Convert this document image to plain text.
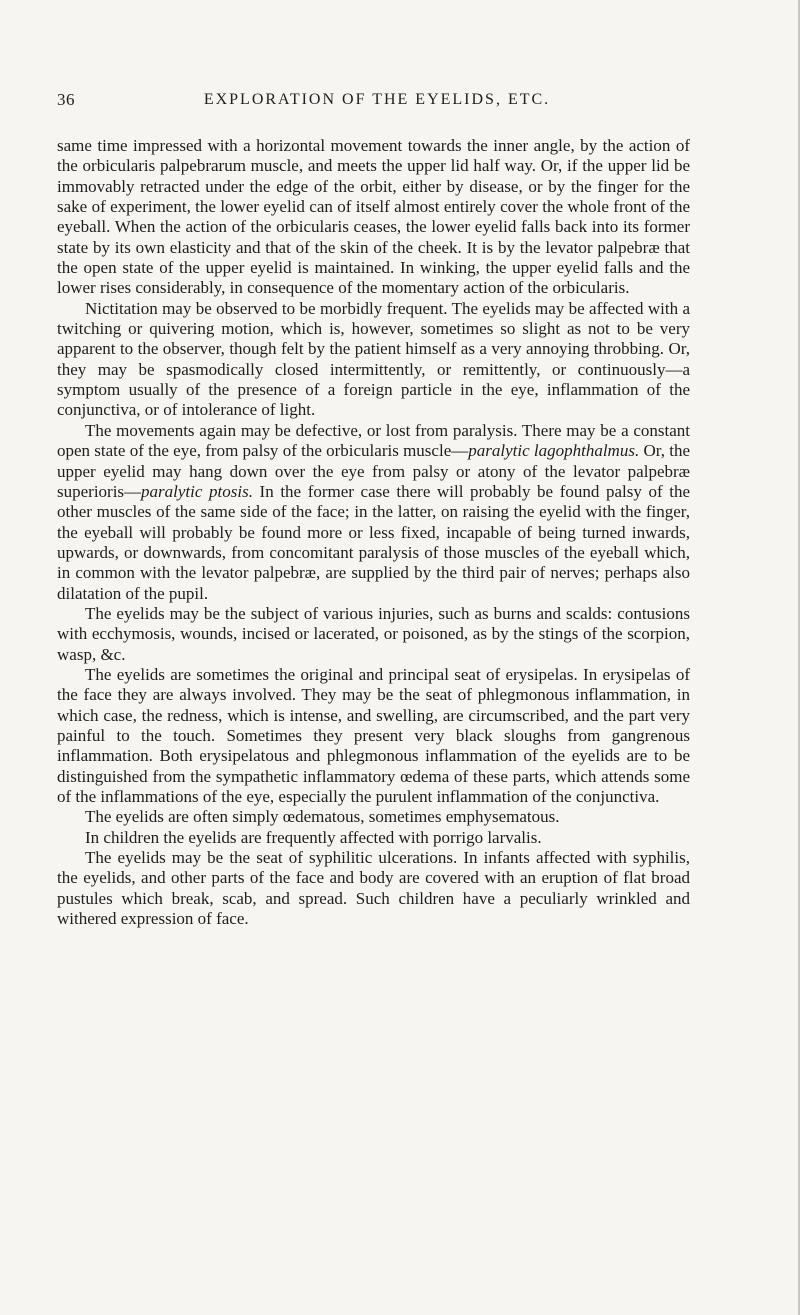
36	EXPLORATION OF THE EYELIDS, ETC.

same time impressed with a horizontal movement towards the inner angle, by the action of the orbicularis palpebrarum muscle, and meets the upper lid half way. Or, if the upper lid be immovably retracted under the edge of the orbit, either by disease, or by the finger for the sake of experiment, the lower eyelid can of itself almost entirely cover the whole front of the eyeball. When the action of the orbicularis ceases, the lower eyelid falls back into its former state by its own elasticity and that of the skin of the cheek. It is by the levator palpebræ that the open state of the upper eyelid is maintained. In winking, the upper eyelid falls and the lower rises considerably, in consequence of the momentary action of the orbicularis.

Nictitation may be observed to be morbidly frequent. The eyelids may be affected with a twitching or quivering motion, which is, however, sometimes so slight as not to be very apparent to the observer, though felt by the patient himself as a very annoying throbbing. Or, they may be spasmodically closed intermittently, or remittently, or continuously—a symptom usually of the presence of a foreign particle in the eye, inflammation of the conjunctiva, or of intolerance of light.

The movements again may be defective, or lost from paralysis. There may be a constant open state of the eye, from palsy of the orbicularis muscle—paralytic lagophthalmus. Or, the upper eyelid may hang down over the eye from palsy or atony of the levator palpebræ superioris—paralytic ptosis. In the former case there will probably be found palsy of the other muscles of the same side of the face; in the latter, on raising the eyelid with the finger, the eyeball will probably be found more or less fixed, incapable of being turned inwards, upwards, or downwards, from concomitant paralysis of those muscles of the eyeball which, in common with the levator palpebræ, are supplied by the third pair of nerves; perhaps also dilatation of the pupil.

The eyelids may be the subject of various injuries, such as burns and scalds: contusions with ecchymosis, wounds, incised or lacerated, or poisoned, as by the stings of the scorpion, wasp, &c.

The eyelids are sometimes the original and principal seat of erysipelas. In erysipelas of the face they are always involved. They may be the seat of phlegmonous inflammation, in which case, the redness, which is intense, and swelling, are circumscribed, and the part very painful to the touch. Sometimes they present very black sloughs from gangrenous inflammation. Both erysipelatous and phlegmonous inflammation of the eyelids are to be distinguished from the sympathetic inflammatory œdema of these parts, which attends some of the inflammations of the eye, especially the purulent inflammation of the conjunctiva.

The eyelids are often simply œdematous, sometimes emphysematous.

In children the eyelids are frequently affected with porrigo larvalis.

The eyelids may be the seat of syphilitic ulcerations. In infants affected with syphilis, the eyelids, and other parts of the face and body are covered with an eruption of flat broad pustules which break, scab, and spread. Such children have a peculiarly wrinkled and withered expression of face.
